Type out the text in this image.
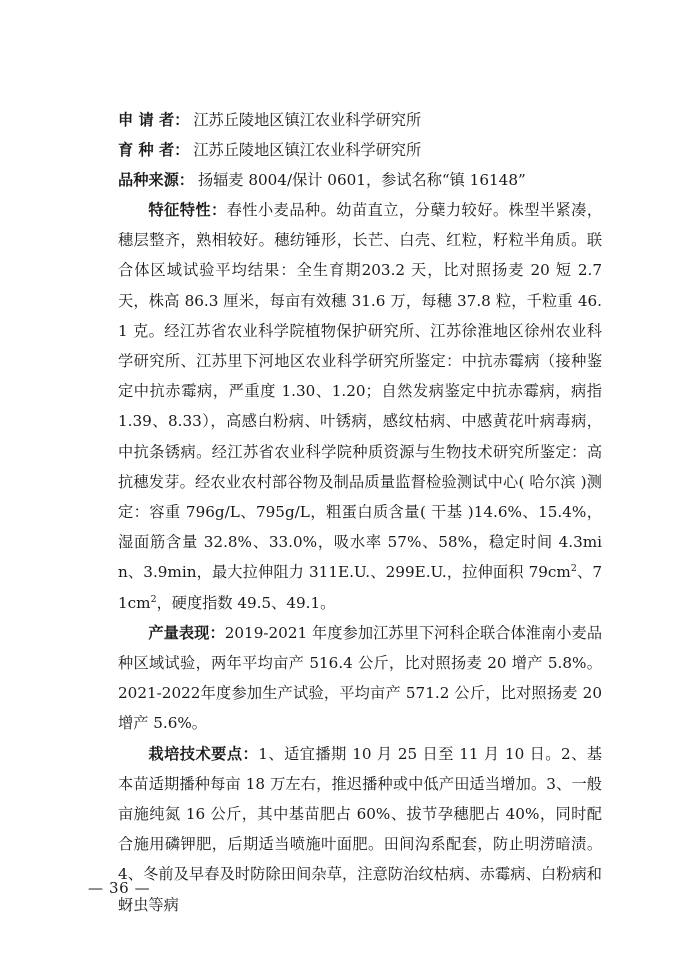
申 请 者： 江苏丘陵地区镇江农业科学研究所
育 种 者： 江苏丘陵地区镇江农业科学研究所
品种来源： 扬辐麦 8004/保计 0601，参试名称“镇 16148”

特征特性：春性小麦品种。幼苗直立，分蘖力较好。株型半紧凑，穗层整齐，熟相较好。穗纺锤形，长芒、白壳、红粒，籽粒半角质。联合体区域试验平均结果：全生育期203.2 天，比对照扬麦 20 短 2.7 天，株高 86.3 厘米，每亩有效穗 31.6 万，每穗 37.8 粒，千粒重 46.1 克。经江苏省农业科学院植物保护研究所、江苏徐淮地区徐州农业科学研究所、江苏里下河地区农业科学研究所鉴定：中抗赤霉病（接种鉴定中抗赤霉病，严重度 1.30、1.20；自然发病鉴定中抗赤霉病，病指 1.39、8.33），高感白粉病、叶锈病，感纹枯病、中感黄花叶病毒病，中抗条锈病。经江苏省农业科学院种质资源与生物技术研究所鉴定：高抗穗发芽。经农业农村部谷物及制品质量监督检验测试中心( 哈尔滨 )测定：容重 796g/L、795g/L，粗蛋白质含量( 干基 )14.6%、15.4%，湿面筋含量 32.8%、33.0%，吸水率 57%、58%，稳定时间 4.3min、3.9min，最大拉伸阻力 311E.U.、299E.U.，拉伸面积 $79cm^2$、$71cm^2$，硬度指数 49.5、49.1。

产量表现：2019-2021 年度参加江苏里下河科企联合体淮南小麦品种区域试验，两年平均亩产 516.4 公斤，比对照扬麦 20 增产 5.8%。2021-2022年度参加生产试验，平均亩产 571.2 公斤，比对照扬麦 20 增产 5.6%。

栽培技术要点：1、适宜播期 10 月 25 日至 11 月 10 日。2、基本苗适期播种每亩 18 万左右，推迟播种或中低产田适当增加。3、一般亩施纯氮 16 公斤，其中基苗肥占 60%、拔节孕穗肥占 40%，同时配合施用磷钾肥，后期适当喷施叶面肥。田间沟系配套，防止明涝暗渍。4、冬前及早春及时防除田间杂草，注意防治纹枯病、赤霉病、白粉病和蚜虫等病

— 36 —
